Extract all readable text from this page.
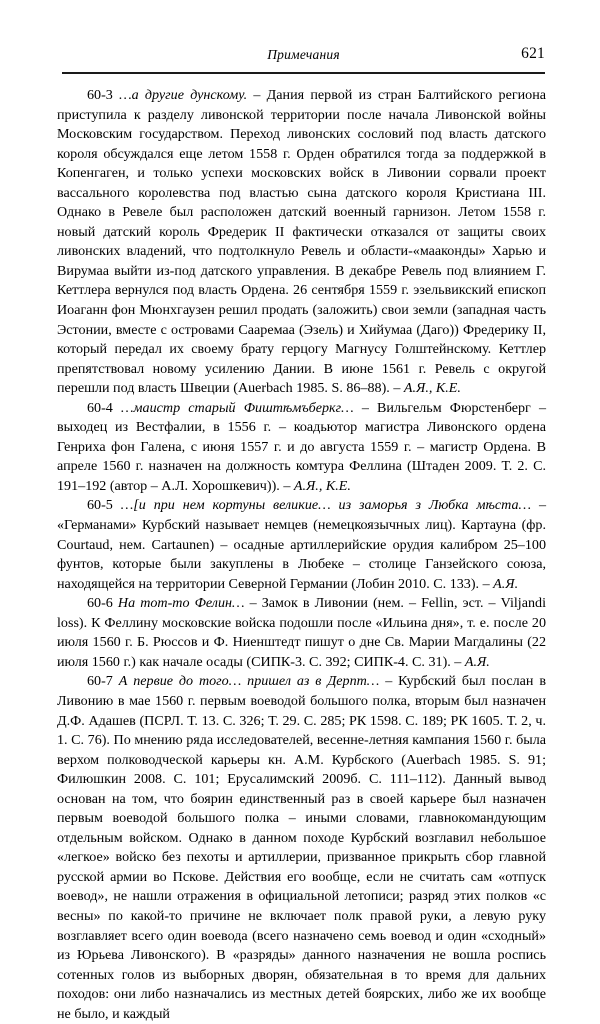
Примечания	621

60-3 …а другие дунскому. – Дания первой из стран Балтийского региона приступила к разделу ливонской территории после начала Ливонской войны Московским государством. Переход ливонских сословий под власть датского короля обсуждался еще летом 1558 г. Орден обратился тогда за поддержкой в Копенгаген, и только успехи московских войск в Ливонии сорвали проект вассального королевства под властью сына датского короля Кристиана III. Однако в Ревеле был расположен датский военный гарнизон. Летом 1558 г. новый датский король Фредерик II фактически отказался от защиты своих ливонских владений, что подтолкнуло Ревель и области-«мааконды» Харью и Вирумаа выйти из-под датского управления. В декабре Ревель под влиянием Г. Кеттлера вернулся под власть Ордена. 26 сентября 1559 г. эзельвикский епископ Иоаганн фон Мюнхгаузен решил продать (заложить) свои земли (западная часть Эстонии, вместе с островами Сааремаа (Эзель) и Хийумаа (Даго)) Фредерику II, который передал их своему брату герцогу Магнусу Голштейнскому. Кеттлер препятствовал новому усилению Дании. В июне 1561 г. Ревель с округой перешли под власть Швеции (Auerbach 1985. S. 86–88). – А.Я., К.Е.

60-4 …маистр старый Фиштѣмъберкг… – Вильгельм Фюрстенберг – выходец из Вестфалии, в 1556 г. – коадьютор магистра Ливонского ордена Генриха фон Галена, с июня 1557 г. и до августа 1559 г. – магистр Ордена. В апреле 1560 г. назначен на должность комтура Феллина (Штаден 2009. Т. 2. С. 191–192 (автор – А.Л. Хорошкевич)). – А.Я., К.Е.

60-5 …[и при нем кортуны великие… из заморья з Любка мѣста… – «Германами» Курбский называет немцев (немецкоязычных лиц). Картауна (фр. Courtaud, нем. Cartaunen) – осадные артиллерийские орудия калибром 25–100 фунтов, которые были закуплены в Любеке – столице Ганзейского союза, находящейся на территории Северной Германии (Лобин 2010. С. 133). – А.Я.

60-6 На тот-то Фелин… – Замок в Ливонии (нем. – Fellin, эст. – Viljandi loss). К Феллину московские войска подошли после «Ильина дня», т. е. после 20 июля 1560 г. Б. Рюссов и Ф. Ниенштедт пишут о дне Св. Марии Магдалины (22 июля 1560 г.) как начале осады (СИПК-3. С. 392; СИПК-4. С. 31). – А.Я.

60-7 А первие до того… пришел аз в Дерпт… – Курбский был послан в Ливонию в мае 1560 г. первым воеводой большого полка, вторым был назначен Д.Ф. Адашев (ПСРЛ. Т. 13. С. 326; Т. 29. С. 285; РК 1598. С. 189; РК 1605. Т. 2, ч. 1. С. 76). По мнению ряда исследователей, весенне-летняя кампания 1560 г. была верхом полководческой карьеры кн. А.М. Курбского (Auerbach 1985. S. 91; Филюшкин 2008. С. 101; Ерусалимский 2009б. С. 111–112). Данный вывод основан на том, что боярин единственный раз в своей карьере был назначен первым воеводой большого полка – иными словами, главнокомандующим отдельным войском. Однако в данном походе Курбский возглавил небольшое «легкое» войско без пехоты и артиллерии, призванное прикрыть сбор главной русской армии во Пскове. Действия его вообще, если не считать сам «отпуск воевод», не нашли отражения в официальной летописи; разряд этих полков «с весны» по какой-то причине не включает полк правой руки, а левую руку возглавляет всего один воевода (всего назначено семь воевод и один «сходный» из Юрьева Ливонского). В «разряды» данного назначения не вошла роспись сотенных голов из выборных дворян, обязательная в то время для дальних походов: они либо назначались из местных детей боярских, либо же их вообще не было, и каждый
